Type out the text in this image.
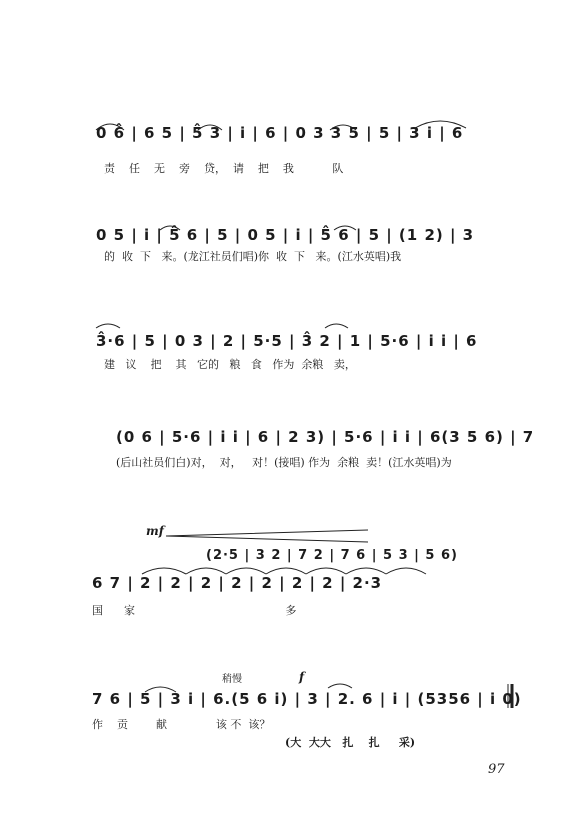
0 6̂ | 6 5 | 5̂ 3 | i | 6 | 0 3 3 5 | 5 | 3 i | 6
责    任    无    旁    贷，  请    把    我           队
0 5 | i | 5̂ 6 | 5 | 0 5 | i | 5̂ 6 | 5 | (1 2) | 3
的  收  下   来。(龙江社员们唱)你  收  下   来。(江水英唱)我
3̂·6 | 5 | 0 3 | 2 | 5·5 | 3̂ 2 | 1 | 5·6 | i i | 6
建   议    把    其   它的   粮   食   作为  余粮   卖，
(0 6 | 5·6 | i i | 6 | 2 3) | 5·6 | i i | 6(3 5 6) | 7
(后山社员们白)对，  对，   对！(接唱) 作为  余粮  卖！(江水英唱)为
mf
(2·5 | 3 2 | 7 2 | 7 6 | 5 3 | 5 6)
6 7 | 2 | 2 | 2 | 2 | 2 | 2 | 2 | 2·3
国      家                                           多
稍慢	f
7 6 | 5 | 3 i | 6.(5 6 i) | 3 | 2. 6 | i | (5356 | i 0)
作    贡        献              该 不  该？
(大  大大   扎    扎     采)
97
